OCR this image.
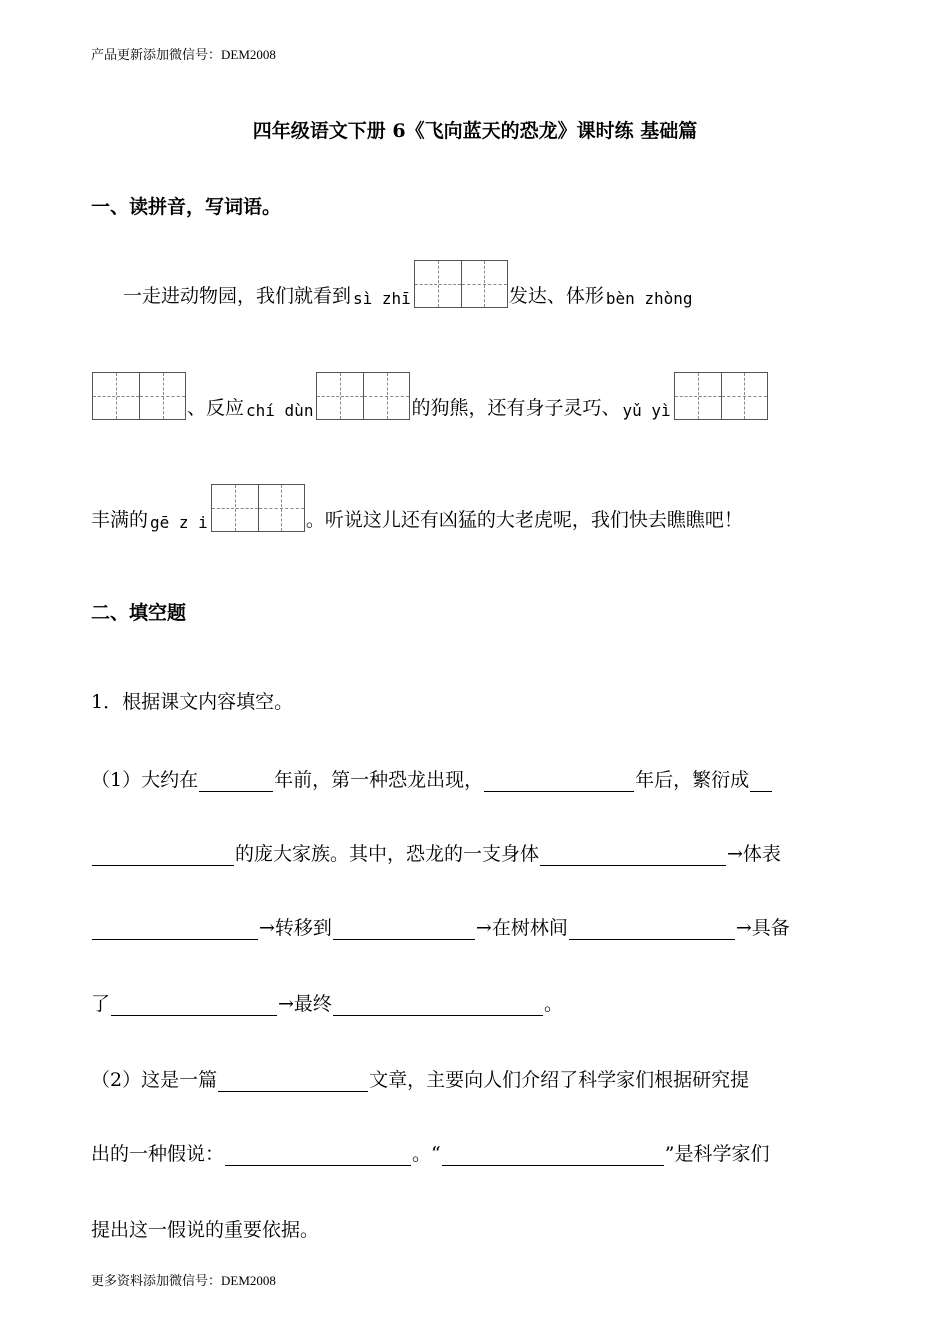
产品更新添加微信号：DEM2008
四年级语文下册 6《飞向蓝天的恐龙》课时练 基础篇
一、读拼音，写词语。
一走进动物园，我们就看到 sì zhī	发达、体形 bèn zhòng
、反应 chí dùn	的狗熊，还有身子灵巧、 yǔ yì
丰满的 gē z i	。听说这儿还有凶猛的大老虎呢，我们快去瞧瞧吧！
二、填空题
1．根据课文内容填空。
（1）大约在	年前，第一种恐龙出现，	年后，繁衍成
的庞大家族。其中，恐龙的一支身体	→体表
→转移到	→在树林间	→具备
了	→最终	。
（2）这是一篇	文章，主要向人们介绍了科学家们根据研究提
出的一种假说：	。“	”是科学家们
提出这一假说的重要依据。
更多资料添加微信号：DEM2008
